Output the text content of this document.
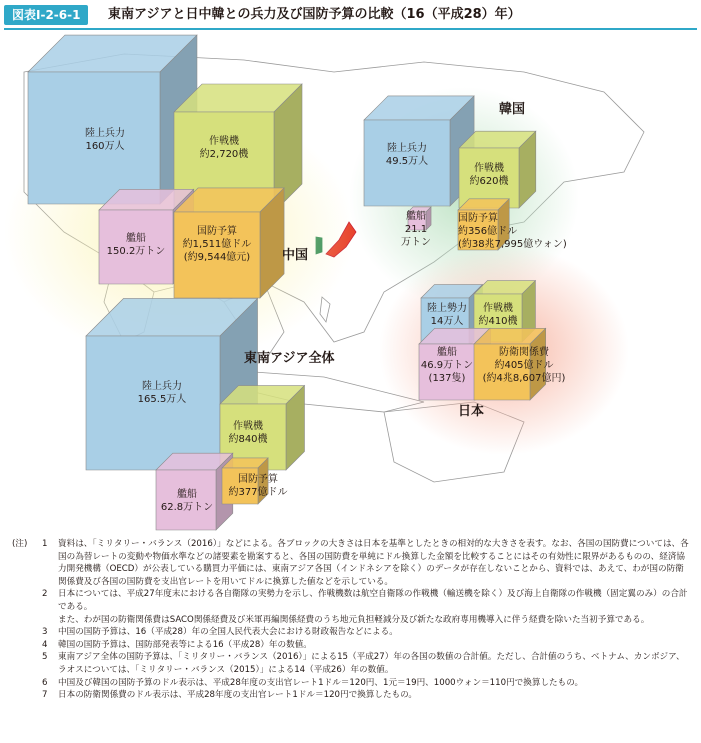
図表Ⅰ-2-6-1	東南アジアと日中韓との兵力及び国防予算の比較（16（平成28）年）
陸上兵力
160万人	作戦機
約2,720機
艦船
150.2万トン
国防予算
約1,511億ドル
(約9,544億元)	中国
陸上兵力
49.5万人
作戦機
約620機
艦船
21.1
万トン
国防予算
約356億ドル
(約38兆7,995億ウォン)
韓国
陸上勢力
14万人
作戦機
約410機
艦船
46.9万トン
(137隻)
防衛関係費
約405億ドル
(約4兆8,607億円)
日本
陸上兵力
165.5万人
作戦機
約840機
艦船
62.8万トン
国防予算
約377億ドル
東南アジア全体
(注) 1 資料は、「ミリタリー・バランス（2016）」などによる。各ブロックの大きさは日本を基準としたときの相対的な大きさを表す。なお、各国の国防費については、各国の為替レートの変動や物価水準などの諸要素を勘案すると、各国の国防費を単純にドル換算した金額を比較することにはその有効性に限界があるものの、経済協力開発機構（OECD）が公表している購買力平価には、東南アジア各国（インドネシアを除く）のデータが存在しないことから、資料では、あえて、わが国の防衛関係費及び各国の国防費を支出官レートを用いてドルに換算した値などを示している。
2 日本については、平成27年度末における各自衛隊の実勢力を示し、作戦機数は航空自衛隊の作戦機（輸送機を除く）及び海上自衛隊の作戦機（固定翼のみ）の合計である。
また、わが国の防衛関係費はSACO関係経費及び米軍再編関係経費のうち地元負担軽減分及び新たな政府専用機導入に伴う経費を除いた当初予算である。
3 中国の国防予算は、16（平成28）年の全国人民代表大会における財政報告などによる。
4 韓国の国防予算は、国防部発表等による16（平成28）年の数値。
5 東南アジア全体の国防予算は、「ミリタリー・バランス（2016）」による15（平成27）年の各国の数値の合計値。ただし、合計値のうち、ベトナム、カンボジア、ラオスについては、「ミリタリー・バランス（2015）」による14（平成26）年の数値。
6 中国及び韓国の国防予算のドル表示は、平成28年度の支出官レート1ドル＝120円、1元＝19円、1000ウォン＝110円で換算したもの。
7 日本の防衛関係費のドル表示は、平成28年度の支出官レート1ドル＝120円で換算したもの。
